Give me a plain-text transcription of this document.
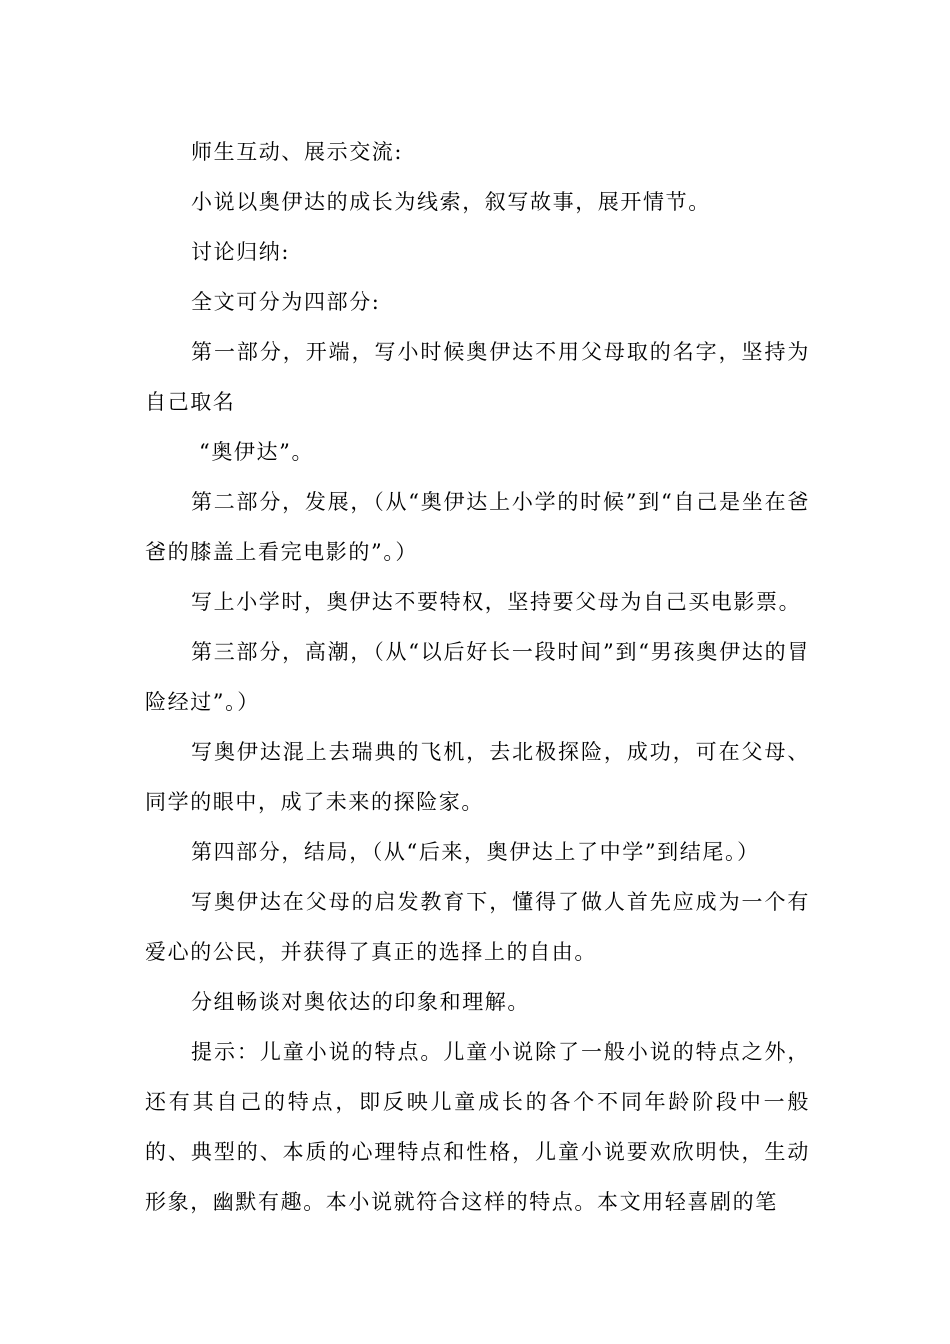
师生互动、展示交流:

小说以奥伊达的成长为线索，叙写故事，展开情节。

讨论归纳:

全文可分为四部分:

第一部分，开端，写小时候奥伊达不用父母取的名字，坚持为自己取名

“奥伊达”。

第二部分，发展，（从“奥伊达上小学的时候”到“自己是坐在爸爸的膝盖上看完电影的”。）

写上小学时，奥伊达不要特权，坚持要父母为自己买电影票。

第三部分，高潮，（从“以后好长一段时间”到“男孩奥伊达的冒险经过”。）

写奥伊达混上去瑞典的飞机，去北极探险，成功，可在父母、同学的眼中，成了未来的探险家。

第四部分，结局，（从“后来，奥伊达上了中学”到结尾。）

写奥伊达在父母的启发教育下，懂得了做人首先应成为一个有爱心的公民，并获得了真正的选择上的自由。

分组畅谈对奥依达的印象和理解。

提示：儿童小说的特点。儿童小说除了一般小说的特点之外，还有其自己的特点，即反映儿童成长的各个不同年龄阶段中一般的、典型的、本质的心理特点和性格，儿童小说要欢欣明快，生动形象，幽默有趣。本小说就符合这样的特点。本文用轻喜剧的笔
